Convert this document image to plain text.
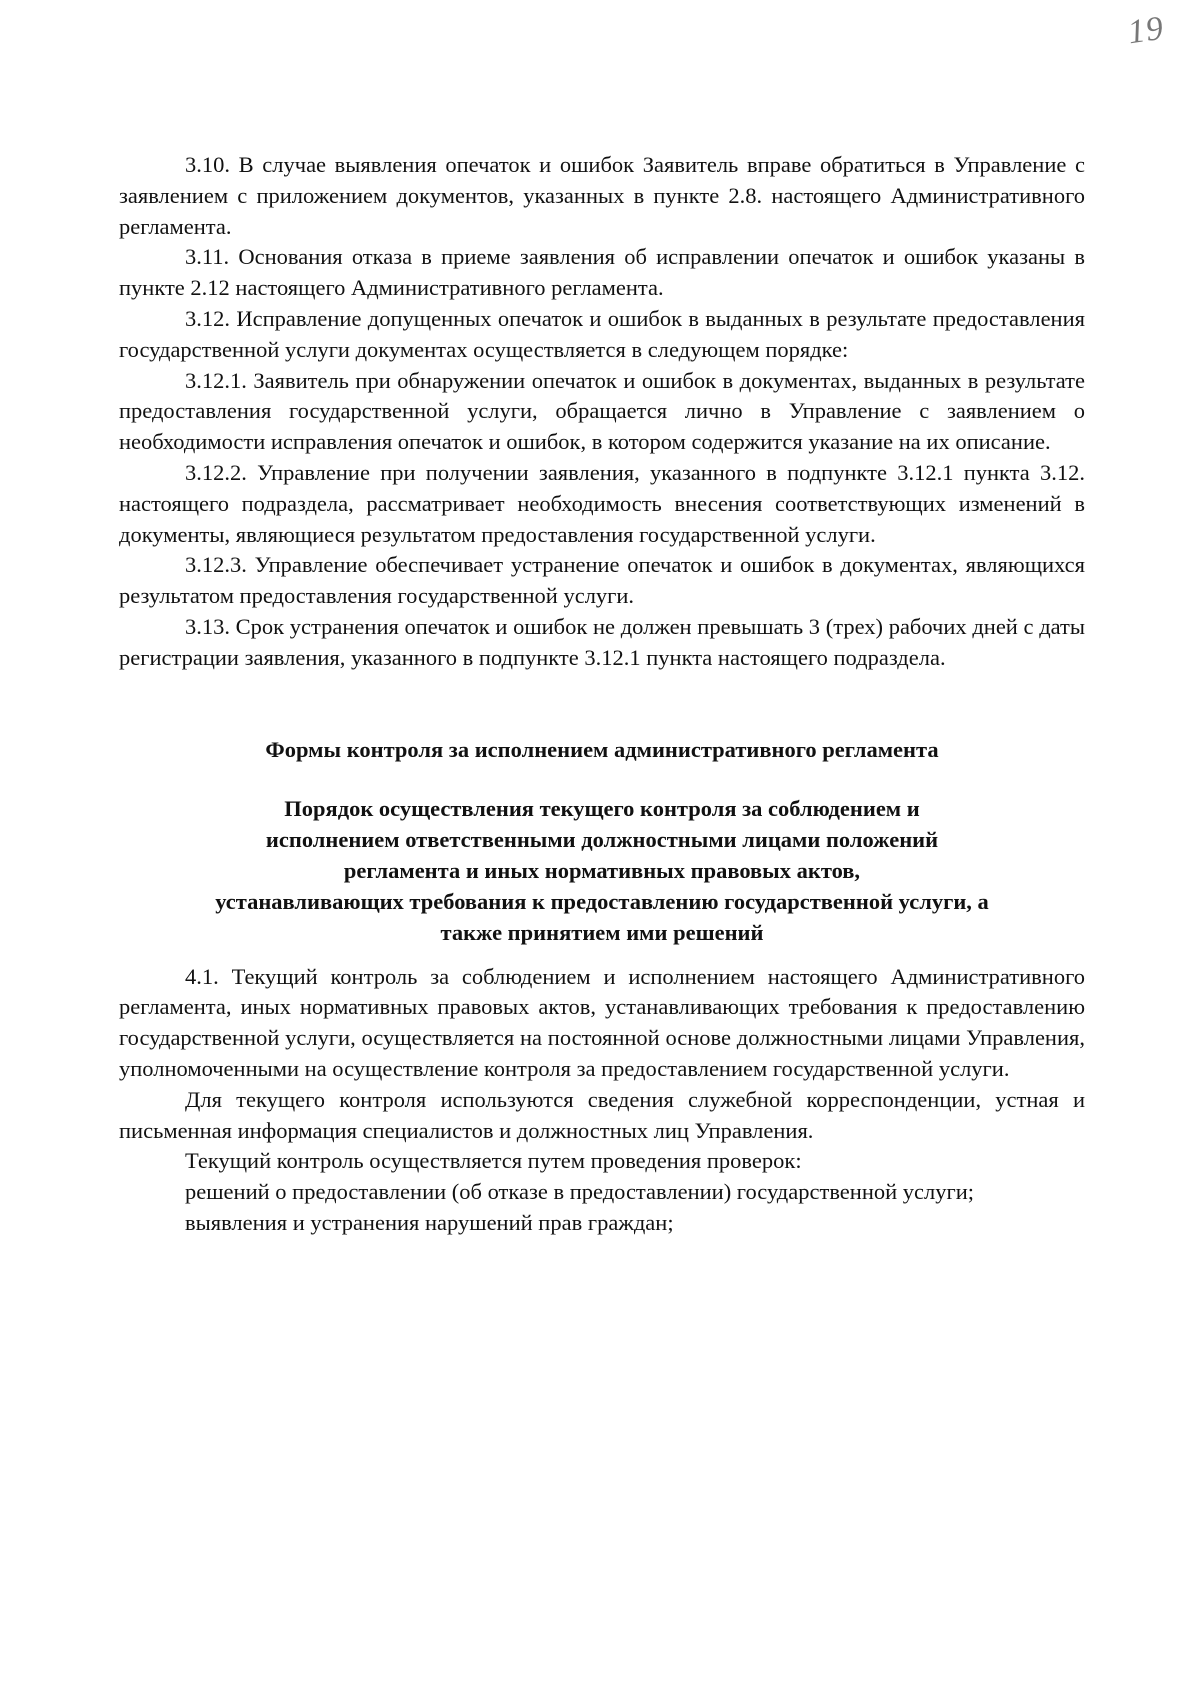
19

3.10. В случае выявления опечаток и ошибок Заявитель вправе обратиться в Управление с заявлением с приложением документов, указанных в пункте 2.8. настоящего Административного регламента.

3.11. Основания отказа в приеме заявления об исправлении опечаток и ошибок указаны в пункте 2.12 настоящего Административного регламента.

3.12. Исправление допущенных опечаток и ошибок в выданных в результате предоставления государственной услуги документах осуществляется в следующем порядке:

3.12.1. Заявитель при обнаружении опечаток и ошибок в документах, выданных в результате предоставления государственной услуги, обращается лично в Управление с заявлением о необходимости исправления опечаток и ошибок, в котором содержится указание на их описание.

3.12.2. Управление при получении заявления, указанного в подпункте 3.12.1 пункта 3.12. настоящего подраздела, рассматривает необходимость внесения соответствующих изменений в документы, являющиеся результатом предоставления государственной услуги.

3.12.3. Управление обеспечивает устранение опечаток и ошибок в документах, являющихся результатом предоставления государственной услуги.

3.13. Срок устранения опечаток и ошибок не должен превышать 3 (трех) рабочих дней с даты регистрации заявления, указанного в подпункте 3.12.1 пункта настоящего подраздела.

Формы контроля за исполнением административного регламента

Порядок осуществления текущего контроля за соблюдением и
исполнением ответственными должностными лицами положений
регламента и иных нормативных правовых актов,
устанавливающих требования к предоставлению государственной услуги, а
также принятием ими решений

4.1. Текущий контроль за соблюдением и исполнением настоящего Административного регламента, иных нормативных правовых актов, устанавливающих требования к предоставлению государственной услуги, осуществляется на постоянной основе должностными лицами Управления, уполномоченными на осуществление контроля за предоставлением государственной услуги.

Для текущего контроля используются сведения служебной корреспонденции, устная и письменная информация специалистов и должностных лиц Управления.

Текущий контроль осуществляется путем проведения проверок:

решений о предоставлении (об отказе в предоставлении) государственной услуги;

выявления и устранения нарушений прав граждан;
